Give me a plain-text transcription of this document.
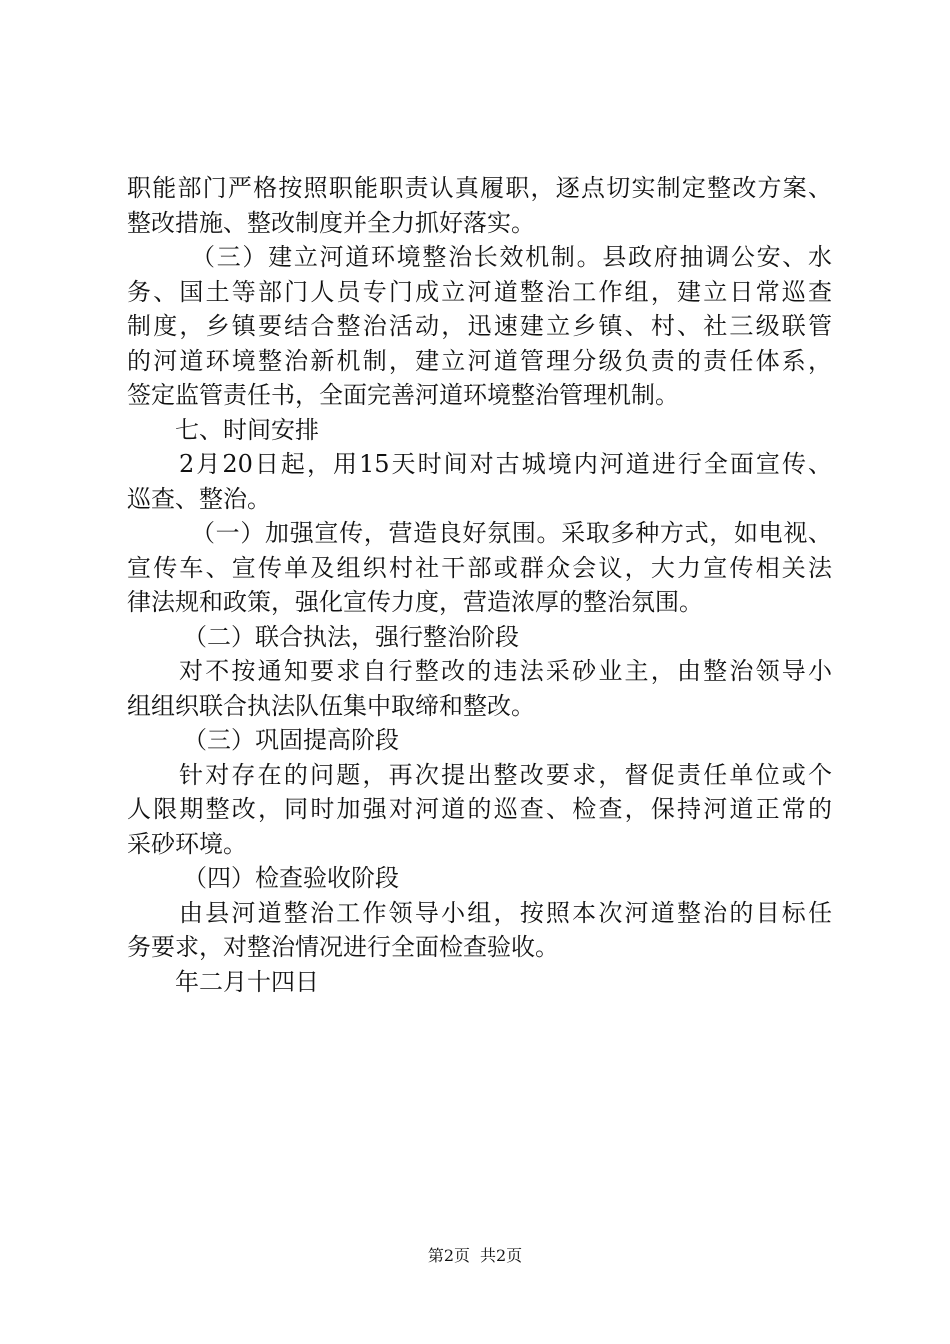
职能部门严格按照职能职责认真履职，逐点切实制定整改方案、
整改措施、整改制度并全力抓好落实。
（三）建立河道环境整治长效机制。县政府抽调公安、水
务、国土等部门人员专门成立河道整治工作组，建立日常巡查
制度，乡镇要结合整治活动，迅速建立乡镇、村、社三级联管
的河道环境整治新机制，建立河道管理分级负责的责任体系，
签定监管责任书，全面完善河道环境整治管理机制。
七、时间安排
2月20日起，用15天时间对古城境内河道进行全面宣传、
巡查、整治。
（一）加强宣传，营造良好氛围。采取多种方式，如电视、
宣传车、宣传单及组织村社干部或群众会议，大力宣传相关法
律法规和政策，强化宣传力度，营造浓厚的整治氛围。
（二）联合执法，强行整治阶段
对不按通知要求自行整改的违法采砂业主，由整治领导小
组组织联合执法队伍集中取缔和整改。
（三）巩固提高阶段
针对存在的问题，再次提出整改要求，督促责任单位或个
人限期整改，同时加强对河道的巡查、检查，保持河道正常的
采砂环境。
（四）检查验收阶段
由县河道整治工作领导小组，按照本次河道整治的目标任
务要求，对整治情况进行全面检查验收。
年二月十四日
第2页 共2页
